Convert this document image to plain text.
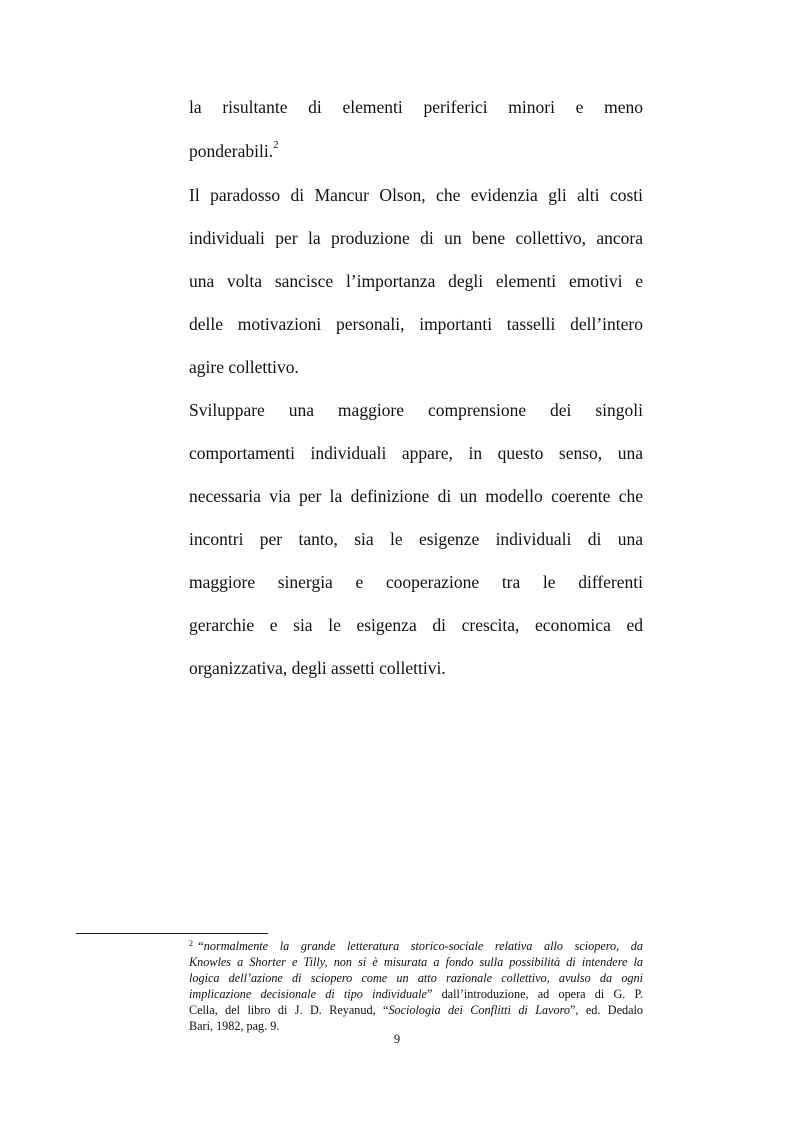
la risultante di elementi periferici minori e meno
ponderabili.$^2$
Il paradosso di Mancur Olson, che evidenzia gli alti costi
individuali per la produzione di un bene collettivo, ancora
una volta sancisce l’importanza degli elementi emotivi e
delle motivazioni personali, importanti tasselli dell’intero
agire collettivo.
Sviluppare una maggiore comprensione dei singoli
comportamenti individuali appare, in questo senso, una
necessaria via per la definizione di un modello coerente che
incontri per tanto, sia le esigenze individuali di una
maggiore sinergia e cooperazione tra le differenti
gerarchie e sia le esigenza di crescita, economica ed
organizzativa, degli assetti collettivi.
$^2$ “normalmente la grande letteratura storico-sociale relativa allo sciopero, da
Knowles a Shorter e Tilly, non si è misurata a fondo sulla possibilità di intendere la
logica dell’azione di sciopero come un atto razionale collettivo, avulso da ogni
implicazione decisionale di tipo individuale” dall’introduzione, ad opera di G. P.
Cella, del libro di J. D. Reyanud, “Sociologia dei Conflitti di Lavoro”, ed. Dedalo
Bari, 1982, pag. 9.
9
